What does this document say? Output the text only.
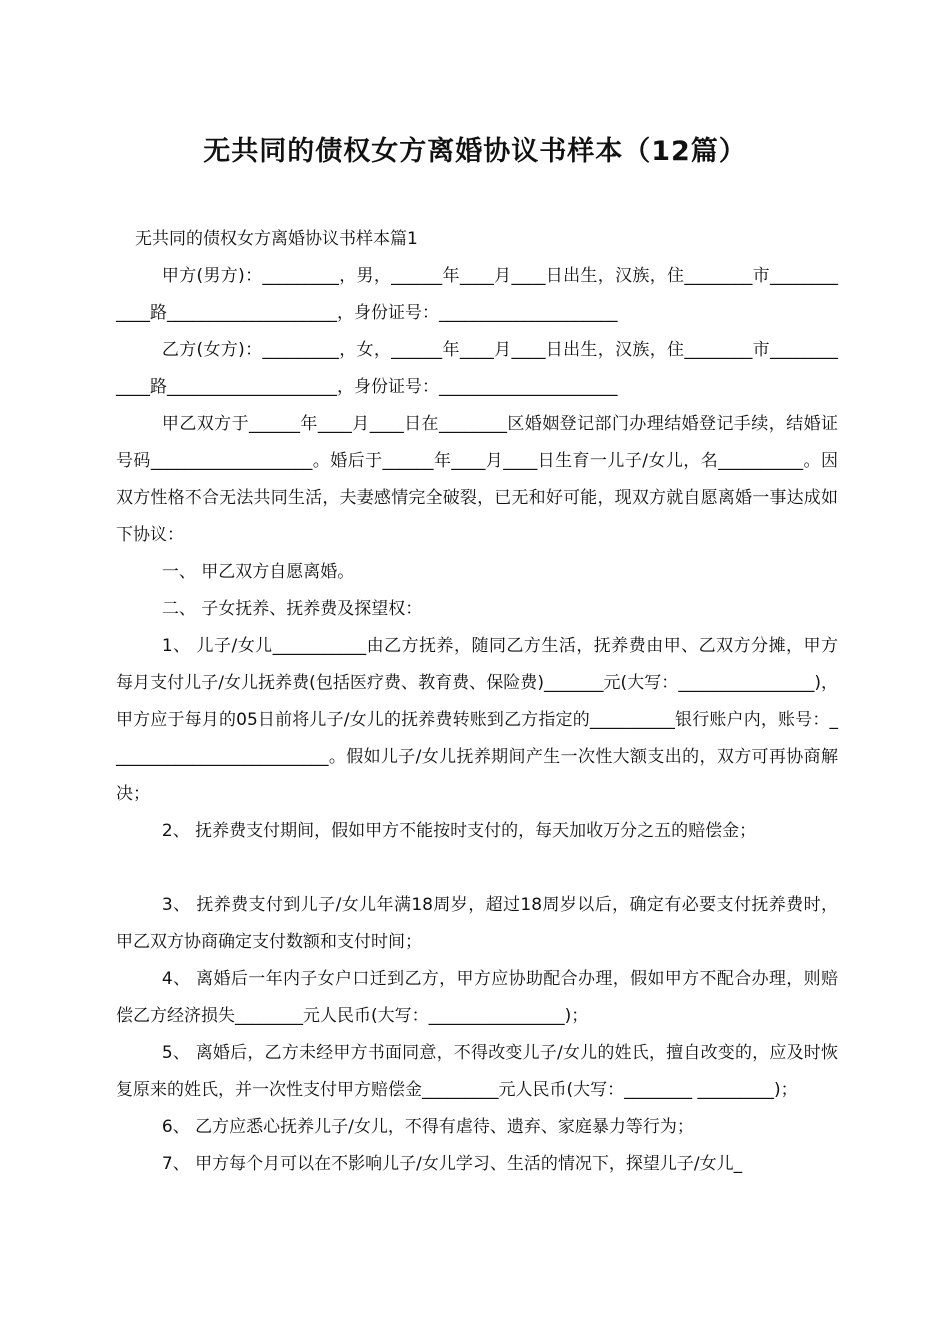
无共同的债权女方离婚协议书样本（12篇）
无共同的债权女方离婚协议书样本篇1

甲方(男方)：_________，男，______年____月____日出生，汉族，住________市____________路____________________，身份证号：_____________________

乙方(女方)：_________，女，______年____月____日出生，汉族，住________市____________路____________________，身份证号：_____________________

甲乙双方于______年____月____日在________区婚姻登记部门办理结婚登记手续，结婚证号码___________________。婚后于______年____月____日生育一儿子/女儿，名__________。因双方性格不合无法共同生活，夫妻感情完全破裂，已无和好可能，现双方就自愿离婚一事达成如下协议：

一、 甲乙双方自愿离婚。

二、 子女抚养、抚养费及探望权：

1、 儿子/女儿___________由乙方抚养，随同乙方生活，抚养费由甲、乙双方分摊，甲方每月支付儿子/女儿抚养费(包括医疗费、教育费、保险费)_______元(大写：________________)，甲方应于每月的05日前将儿子/女儿的抚养费转账到乙方指定的__________银行账户内，账号：__________________________。假如儿子/女儿抚养期间产生一次性大额支出的，双方可再协商解决；

2、 抚养费支付期间，假如甲方不能按时支付的，每天加收万分之五的赔偿金；

3、 抚养费支付到儿子/女儿年满18周岁，超过18周岁以后，确定有必要支付抚养费时，甲乙双方协商确定支付数额和支付时间；

4、 离婚后一年内子女户口迁到乙方，甲方应协助配合办理，假如甲方不配合办理，则赔偿乙方经济损失________元人民币(大写：________________)；

5、 离婚后，乙方未经甲方书面同意，不得改变儿子/女儿的姓氏，擅自改变的，应及时恢复原来的姓氏，并一次性支付甲方赔偿金_________元人民币(大写：________ _________)；

6、 乙方应悉心抚养儿子/女儿，不得有虐待、遗弃、家庭暴力等行为；

7、 甲方每个月可以在不影响儿子/女儿学习、生活的情况下，探望儿子/女儿_
